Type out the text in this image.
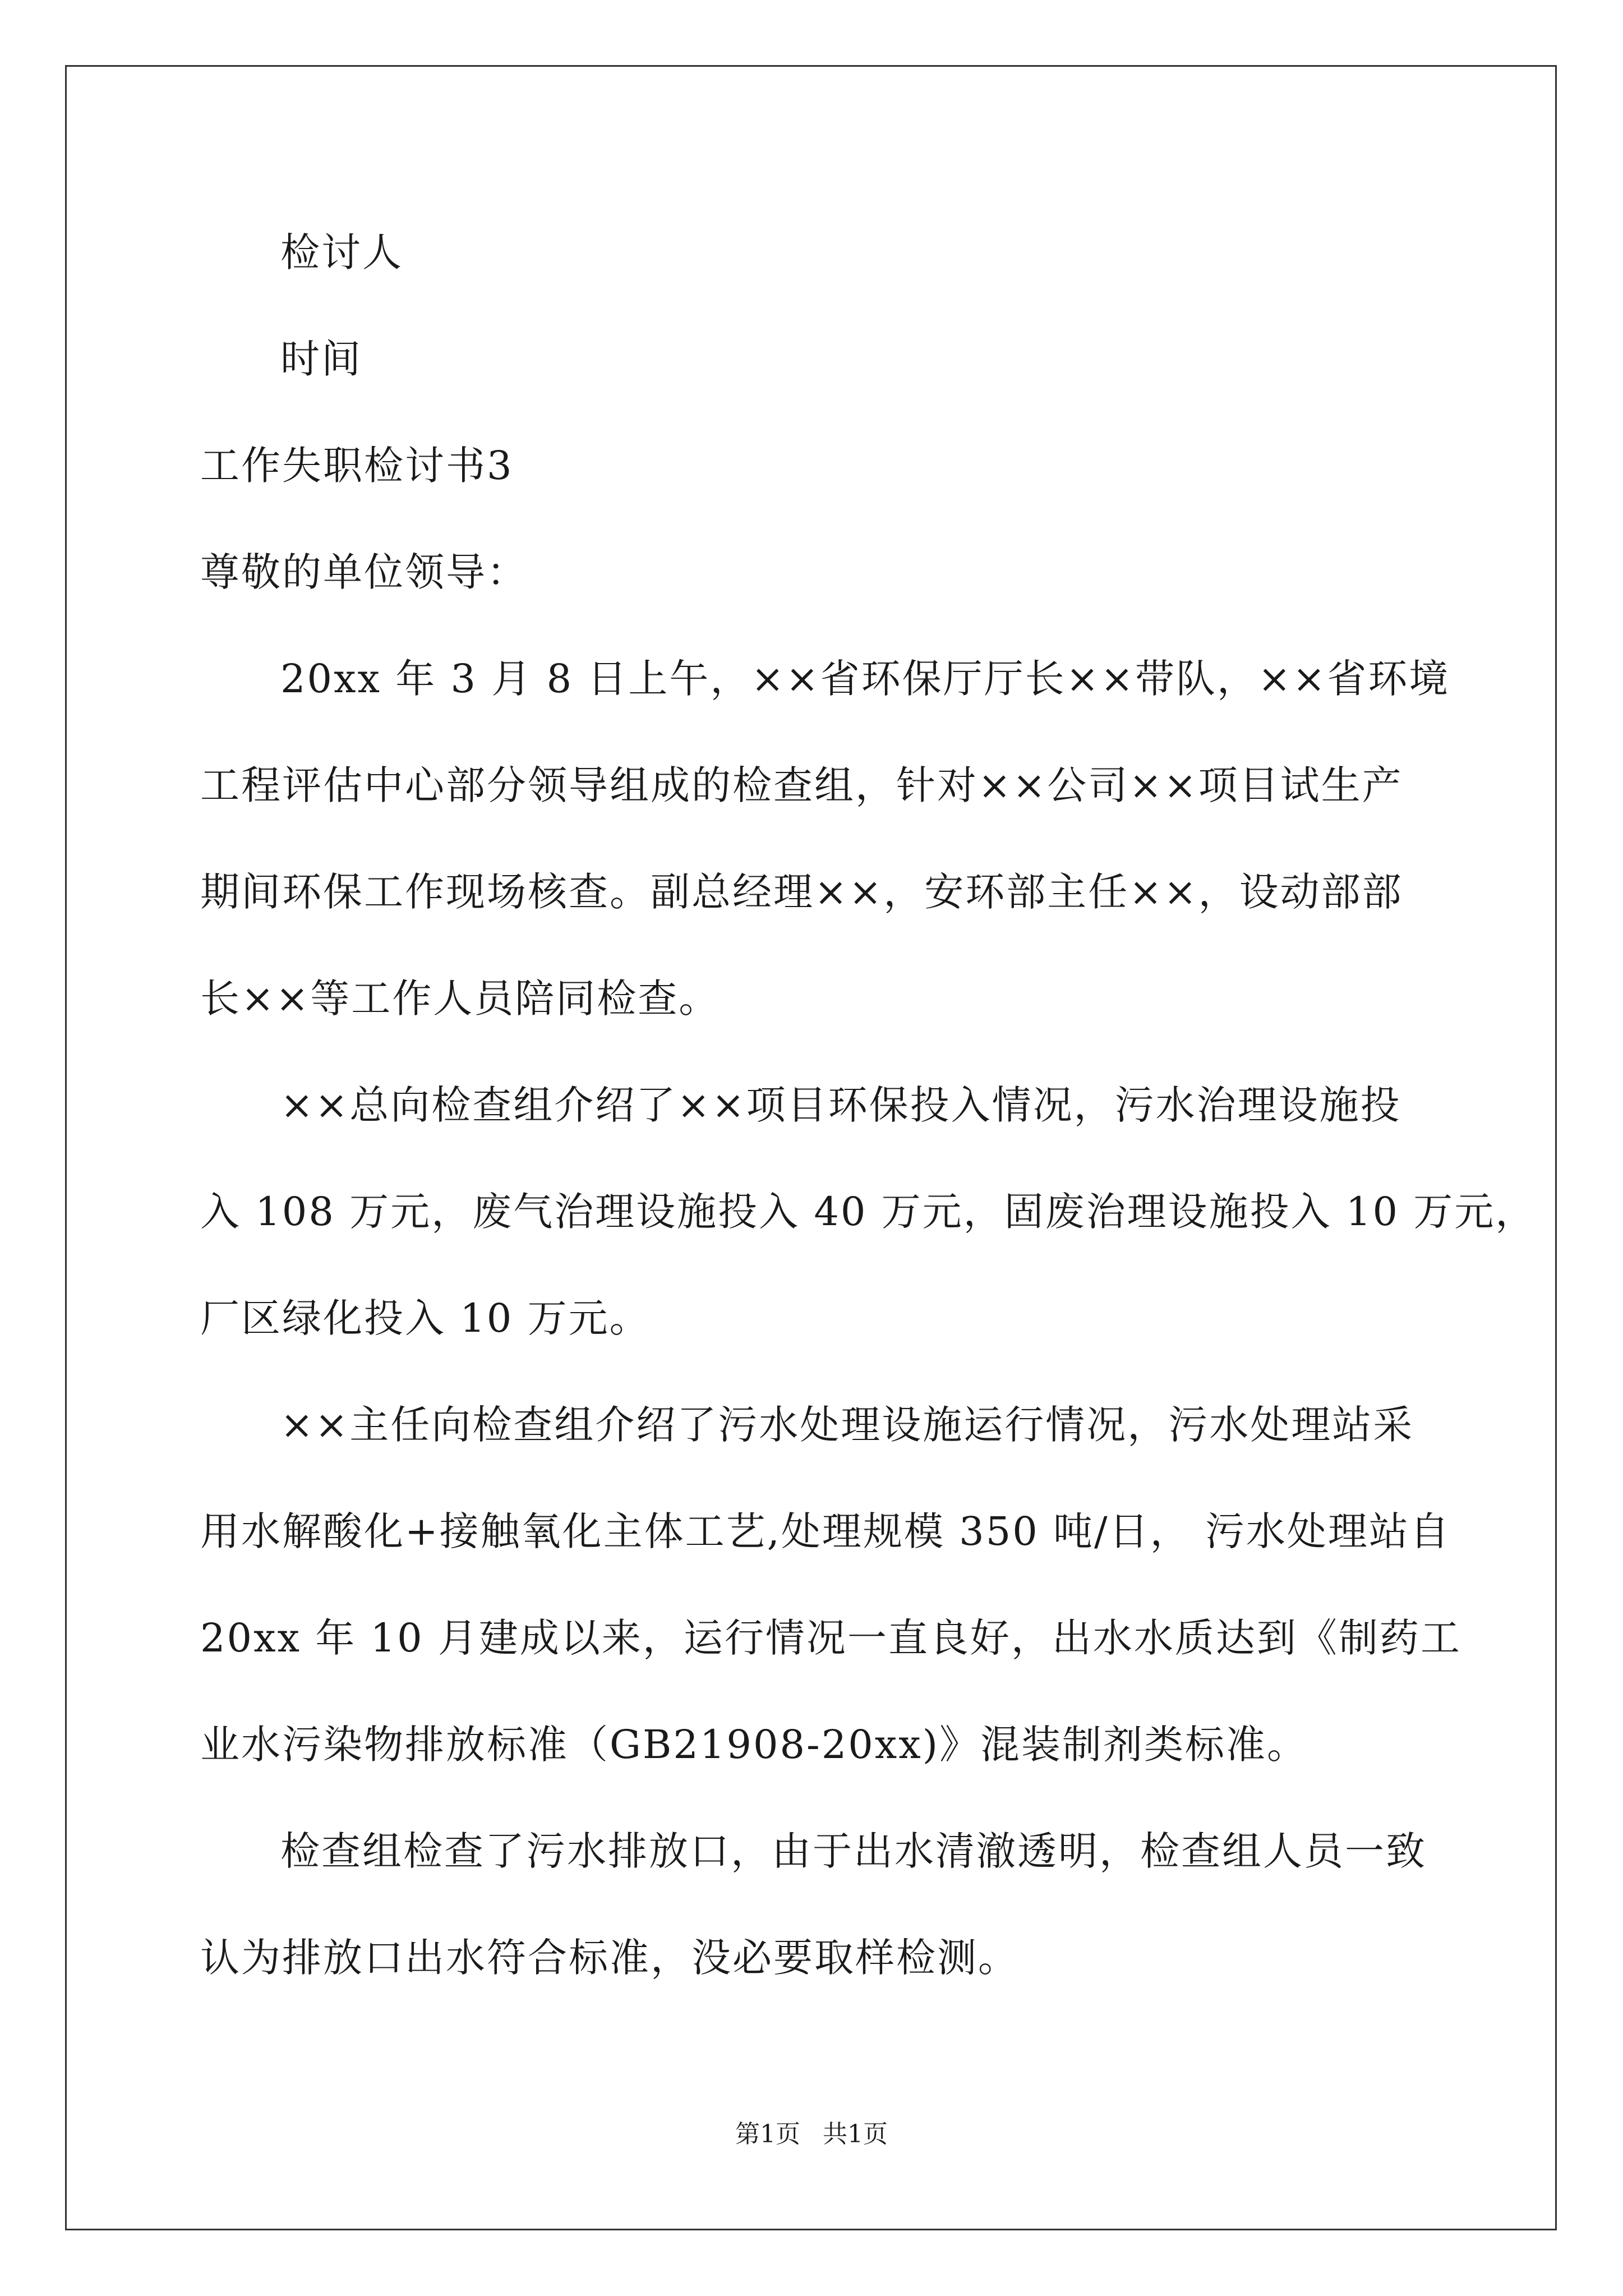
检讨人
时间
工作失职检讨书3
尊敬的单位领导：
20xx 年 3 月 8 日上午，××省环保厅厅长××带队，××省环境
工程评估中心部分领导组成的检查组，针对××公司××项目试生产
期间环保工作现场核查。副总经理××，安环部主任××，设动部部
长××等工作人员陪同检查。
××总向检查组介绍了××项目环保投入情况，污水治理设施投
入 108 万元，废气治理设施投入 40 万元，固废治理设施投入 10 万元，
厂区绿化投入 10 万元。
××主任向检查组介绍了污水处理设施运行情况，污水处理站采
用水解酸化+接触氧化主体工艺,处理规模 350 吨/日， 污水处理站自
20xx 年 10 月建成以来，运行情况一直良好，出水水质达到《制药工
业水污染物排放标准（GB21908-20xx)》混装制剂类标准。
检查组检查了污水排放口，由于出水清澈透明，检查组人员一致
认为排放口出水符合标准，没必要取样检测。
第1页 共1页
